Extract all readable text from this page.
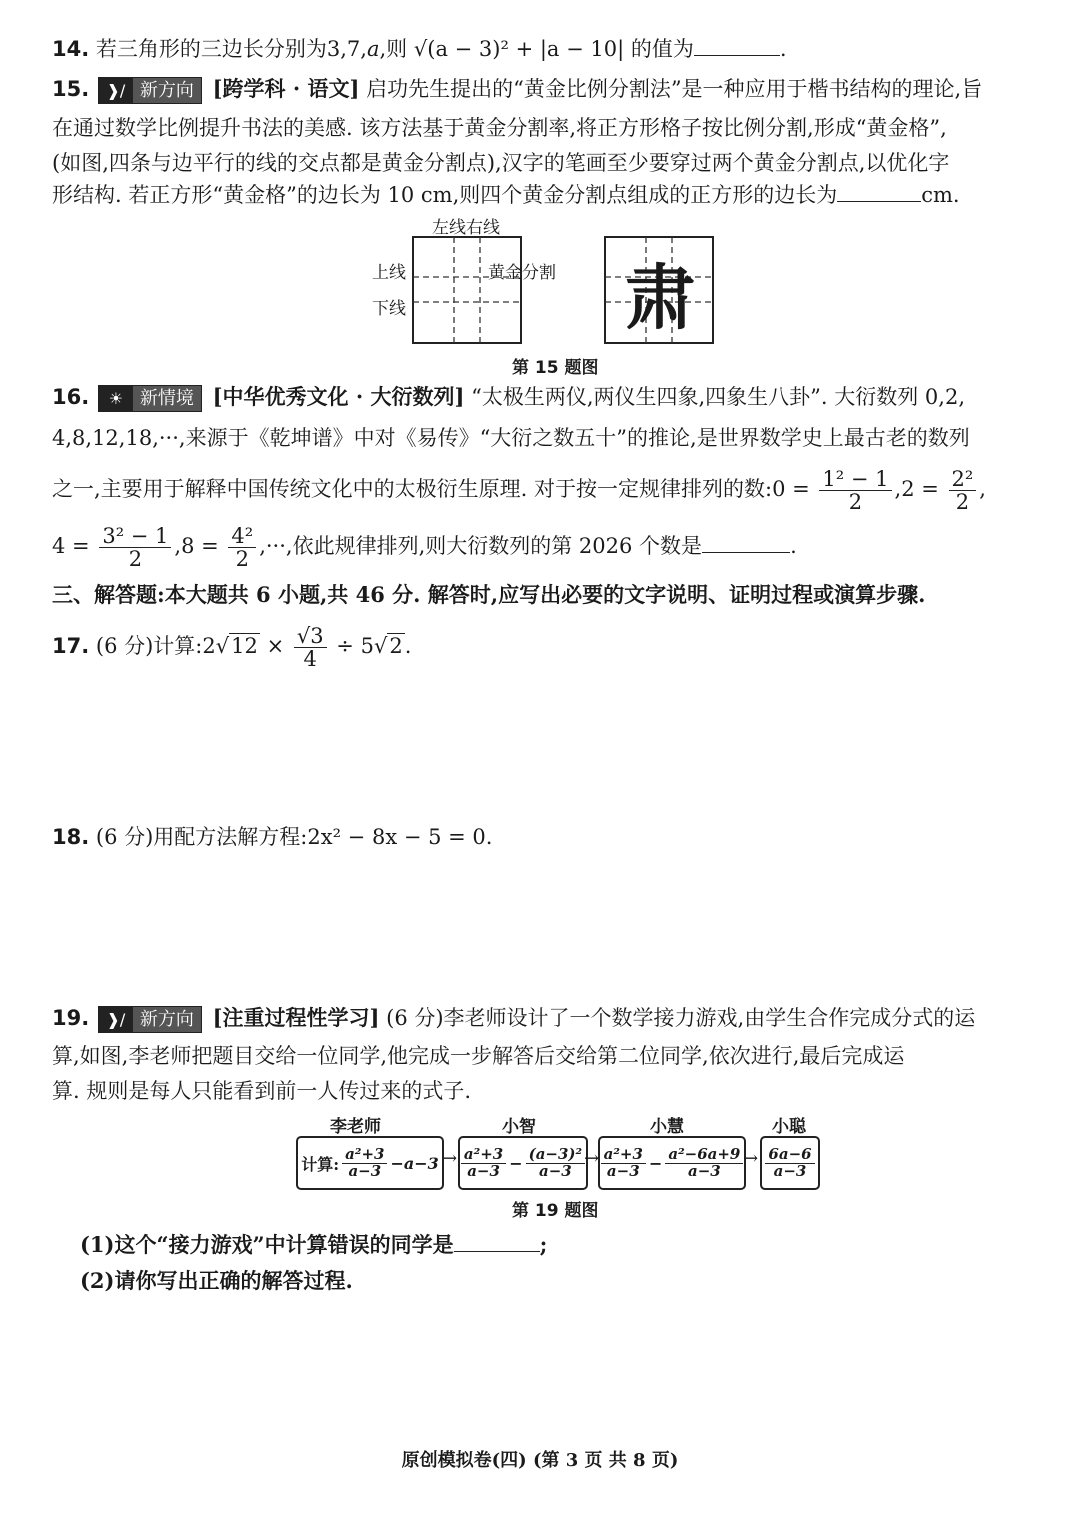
14. 若三角形的三边长分别为3,7,a,则 √(a − 3)² + |a − 10| 的值为	.
15.	❱/ 新方向 [跨学科 · 语文] 启功先生提出的“黄金比例分割法”是一种应用于楷书结构的理论,旨
在通过数学比例提升书法的美感. 该方法基于黄金分割率,将正方形格子按比例分割,形成“黄金格”,
(如图,四条与边平行的线的交点都是黄金分割点),汉字的笔画至少要穿过两个黄金分割点,以优化字
形结构. 若正方形“黄金格”的边长为 10 cm,则四个黄金分割点组成的正方形的边长为	cm.
左线右线
上线
下线
黄金分割 肃
第 15 题图
16.	☀ 新情境 [中华优秀文化 · 大衍数列] “太极生两仪,两仪生四象,四象生八卦”. 大衍数列 0,2,
4,8,12,18,···,来源于《乾坤谱》中对《易传》“大衍之数五十”的推论,是世界数学史上最古老的数列
之一,主要用于解释中国传统文化中的太极衍生原理. 对于按一定规律排列的数:0 = $\frac{\text{1² − 1}}{2} ,2 = \frac{\text{2²}}{2}$ ,
$4 = \frac{\text{3² − 1}}{2} ,8 = \frac{\text{4²}}{2}$ ,···,依此规律排列,则大衍数列的第 2026 个数是	.
三、解答题:本大题共 6 小题,共 46 分. 解答时,应写出必要的文字说明、证明过程或演算步骤.
17. (6 分)计算:2√12 × $\frac{√3}{4} \div 5√2$.
18. (6 分)用配方法解方程:2x² − 8x − 5 = 0.
19.	❱/ 新方向 [注重过程性学习] (6 分)李老师设计了一个数学接力游戏,由学生合作完成分式的运
算,如图,李老师把题目交给一位同学,他完成一步解答后交给第二位同学,依次进行,最后完成运
算. 规则是每人只能看到前一人传过来的式子.
李老师	小智	小慧	小聪
计算: $\frac{\text{a²+3}}{a-3} -a-3 \to \frac{\text{a²+3}}{a-3} - \frac{\text{(a−3)²}}{a-3}$
→ $\frac{\text{a²+3}}{a-3} - \frac{\text{a²−6a+9}}{a-3} \to \frac{6a-6}{a-3}$
第 19 题图
(1)这个“接力游戏”中计算错误的同学是	;
(2)请你写出正确的解答过程.
原创模拟卷(四) (第 3 页 共 8 页)
